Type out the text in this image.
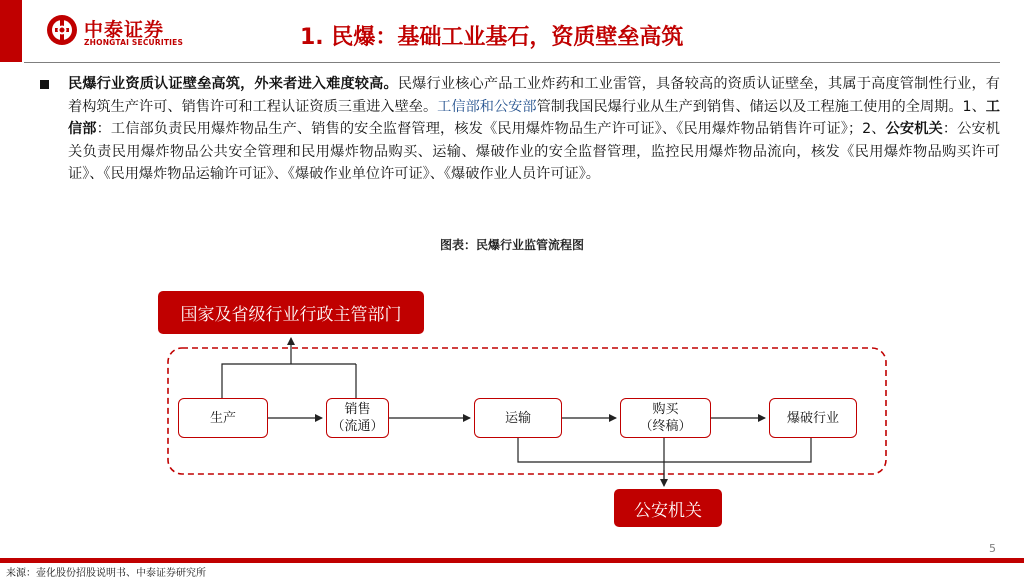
中泰证券
ZHONGTAI SECURITIES	1. 民爆：基础工业基石，资质壁垒高筑
民爆行业资质认证壁垒高筑，外来者进入难度较高。民爆行业核心产品工业炸药和工业雷管，具备较高的资质认证壁垒，其属于高度管制性行业，有着构筑生产许可、销售许可和工程认证资质三重进入壁垒。工信部和公安部管制我国民爆行业从生产到销售、储运以及工程施工使用的全周期。1、工信部：工信部负责民用爆炸物品生产、销售的安全监督管理，核发《民用爆炸物品生产许可证》、《民用爆炸物品销售许可证》；2、公安机关：公安机关负责民用爆炸物品公共安全管理和民用爆炸物品购买、运输、爆破作业的安全监督管理，监控民用爆炸物品流向，核发《民用爆炸物品购买许可证》、《民用爆炸物品运输许可证》、《爆破作业单位许可证》、《爆破作业人员许可证》。
图表：民爆行业监管流程图
国家及省级行业行政主管部门
生产
销售
（流通）
运输
购买
（终稿）
爆破行业
公安机关
5
来源：壶化股份招股说明书、中泰证券研究所
